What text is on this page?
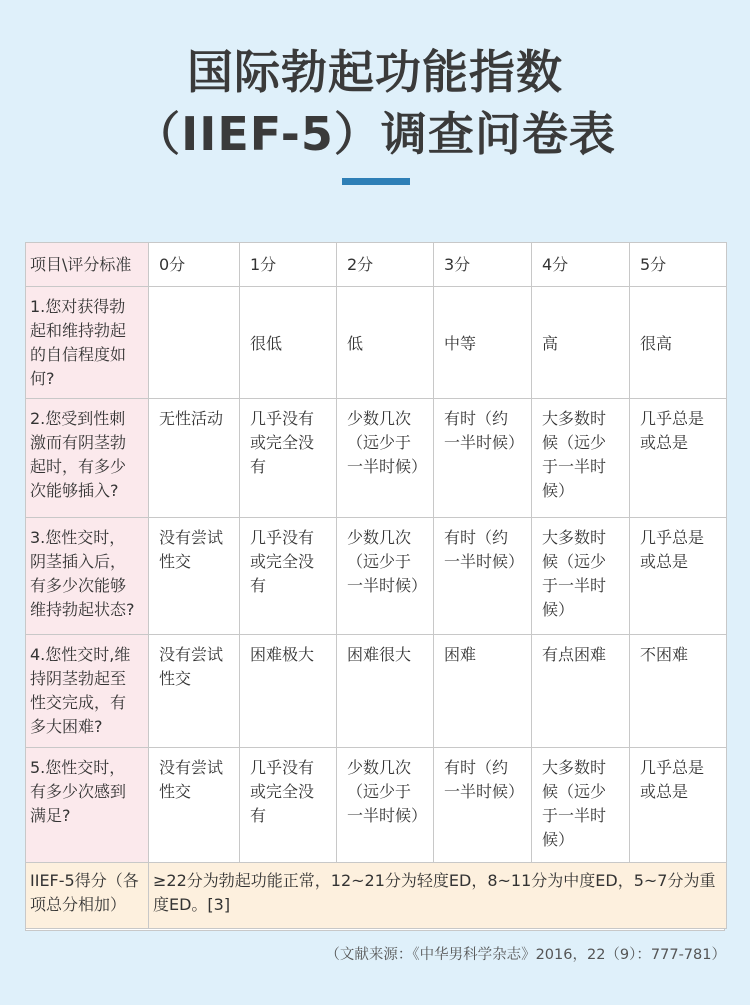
国际勃起功能指数
（IIEF-5）调查问卷表
项目\评分标准	0分	1分	2分	3分	4分	5分
1.您对获得勃起和维持勃起的自信程度如何?		很低	低	中等	高	很高
2.您受到性刺激而有阴茎勃起时，有多少次能够插入?	无性活动	几乎没有或完全没有	少数几次（远少于一半时候）	有时（约一半时候）	大多数时候（远少于一半时候）	几乎总是或总是
3.您性交时，阴茎插入后，有多少次能够维持勃起状态?	没有尝试性交	几乎没有或完全没有	少数几次（远少于一半时候）	有时（约一半时候）	大多数时候（远少于一半时候）	几乎总是或总是
4.您性交时,维持阴茎勃起至性交完成，有多大困难?	没有尝试性交	困难极大	困难很大	困难	有点困难	不困难
5.您性交时，有多少次感到满足?	没有尝试性交	几乎没有或完全没有	少数几次（远少于一半时候）	有时（约一半时候）	大多数时候（远少于一半时候）	几乎总是或总是
IIEF-5得分（各项总分相加）	≥22分为勃起功能正常，12~21分为轻度ED，8~11分为中度ED，5~7分为重度ED。[3]					
（文献来源：《中华男科学杂志》2016，22（9）：777-781）
